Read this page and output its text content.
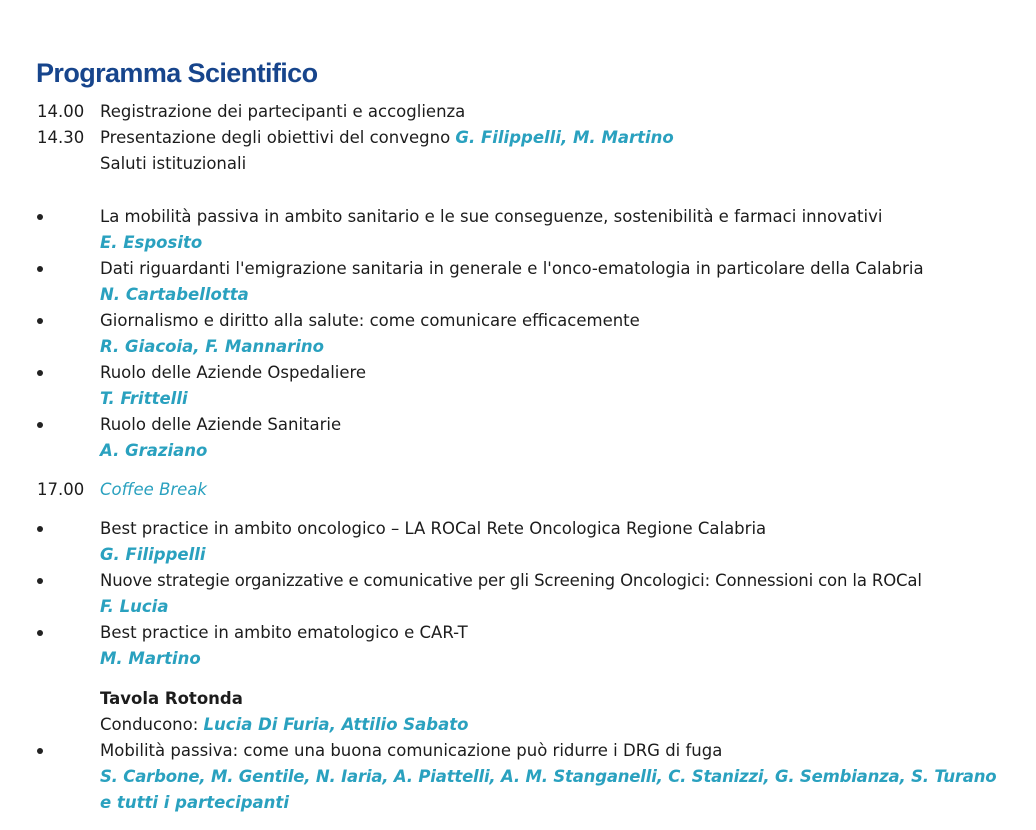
Programma Scientifico
14.00 Registrazione dei partecipanti e accoglienza
14.30 Presentazione degli obiettivi del convegno G. Filippelli, M. Martino
Saluti istituzionali
La mobilità passiva in ambito sanitario e le sue conseguenze, sostenibilità e farmaci innovativi
E. Esposito
Dati riguardanti l'emigrazione sanitaria in generale e l'onco-ematologia in particolare della Calabria
N. Cartabellotta
Giornalismo e diritto alla salute: come comunicare efficacemente
R. Giacoia, F. Mannarino
Ruolo delle Aziende Ospedaliere
T. Frittelli
Ruolo delle Aziende Sanitarie
A. Graziano
17.00 Coffee Break
Best practice in ambito oncologico – LA ROCal Rete Oncologica Regione Calabria
G. Filippelli
Nuove strategie organizzative e comunicative per gli Screening Oncologici: Connessioni con la ROCal
F. Lucia
Best practice in ambito ematologico e CAR-T
M. Martino
Tavola Rotonda
Conducono: Lucia Di Furia, Attilio Sabato
Mobilità passiva: come una buona comunicazione può ridurre i DRG di fuga
S. Carbone, M. Gentile, N. Iaria, A. Piattelli, A. M. Stanganelli, C. Stanizzi, G. Sembianza, S. Turano
e tutti i partecipanti
